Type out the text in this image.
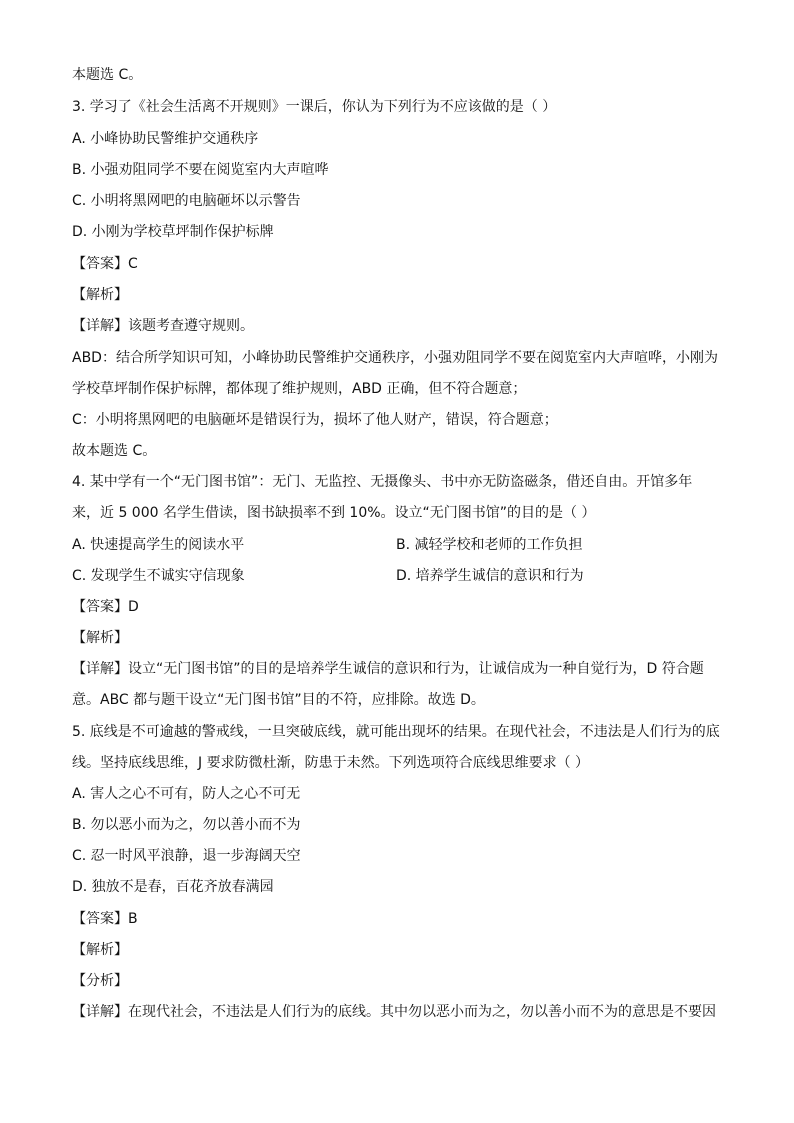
本题选 C。
3. 学习了《社会生活离不开规则》一课后，你认为下列行为不应该做的是（ ）
A. 小峰协助民警维护交通秩序
B. 小强劝阻同学不要在阅览室内大声喧哗
C. 小明将黑网吧的电脑砸坏以示警告
D. 小刚为学校草坪制作保护标牌
【答案】C
【解析】
【详解】该题考查遵守规则。
ABD：结合所学知识可知，小峰协助民警维护交通秩序，小强劝阻同学不要在阅览室内大声喧哗，小刚为
学校草坪制作保护标牌，都体现了维护规则，ABD 正确，但不符合题意；
C：小明将黑网吧的电脑砸坏是错误行为，损坏了他人财产，错误，符合题意；
故本题选 C。
4. 某中学有一个“无门图书馆”：无门、无监控、无摄像头、书中亦无防盗磁条，借还自由。开馆多年
来，近 5 000 名学生借读，图书缺损率不到 10%。设立“无门图书馆”的目的是（ ）
A. 快速提高学生的阅读水平	B. 减轻学校和老师的工作负担
C. 发现学生不诚实守信现象	D. 培养学生诚信的意识和行为
【答案】D
【解析】
【详解】设立“无门图书馆”的目的是培养学生诚信的意识和行为，让诚信成为一种自觉行为，D 符合题
意。ABC 都与题干设立“无门图书馆”目的不符，应排除。故选 D。
5. 底线是不可逾越的警戒线，一旦突破底线，就可能出现坏的结果。在现代社会，不违法是人们行为的底
线。坚持底线思维，J 要求防微杜渐，防患于未然。下列选项符合底线思维要求（ ）
A. 害人之心不可有，防人之心不可无
B. 勿以恶小而为之，勿以善小而不为
C. 忍一时风平浪静，退一步海阔天空
D. 独放不是春，百花齐放春满园
【答案】B
【解析】
【分析】
【详解】在现代社会，不违法是人们行为的底线。其中勿以恶小而为之，勿以善小而不为的意思是不要因
